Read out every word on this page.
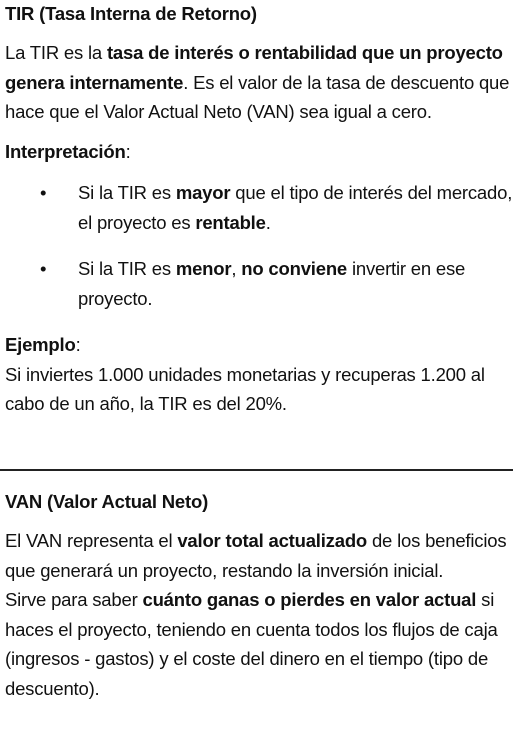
TIR (Tasa Interna de Retorno)

La TIR es la tasa de interés o rentabilidad que un proyecto genera internamente. Es el valor de la tasa de descuento que hace que el Valor Actual Neto (VAN) sea igual a cero.

Interpretación:

• Si la TIR es mayor que el tipo de interés del mercado, el proyecto es rentable.
• Si la TIR es menor, no conviene invertir en ese proyecto.

Ejemplo:

Si inviertes 1.000 unidades monetarias y recuperas 1.200 al cabo de un año, la TIR es del 20%.

VAN (Valor Actual Neto)

El VAN representa el valor total actualizado de los beneficios que generará un proyecto, restando la inversión inicial.

Sirve para saber cuánto ganas o pierdes en valor actual si haces el proyecto, teniendo en cuenta todos los flujos de caja (ingresos - gastos) y el coste del dinero en el tiempo (tipo de descuento).
